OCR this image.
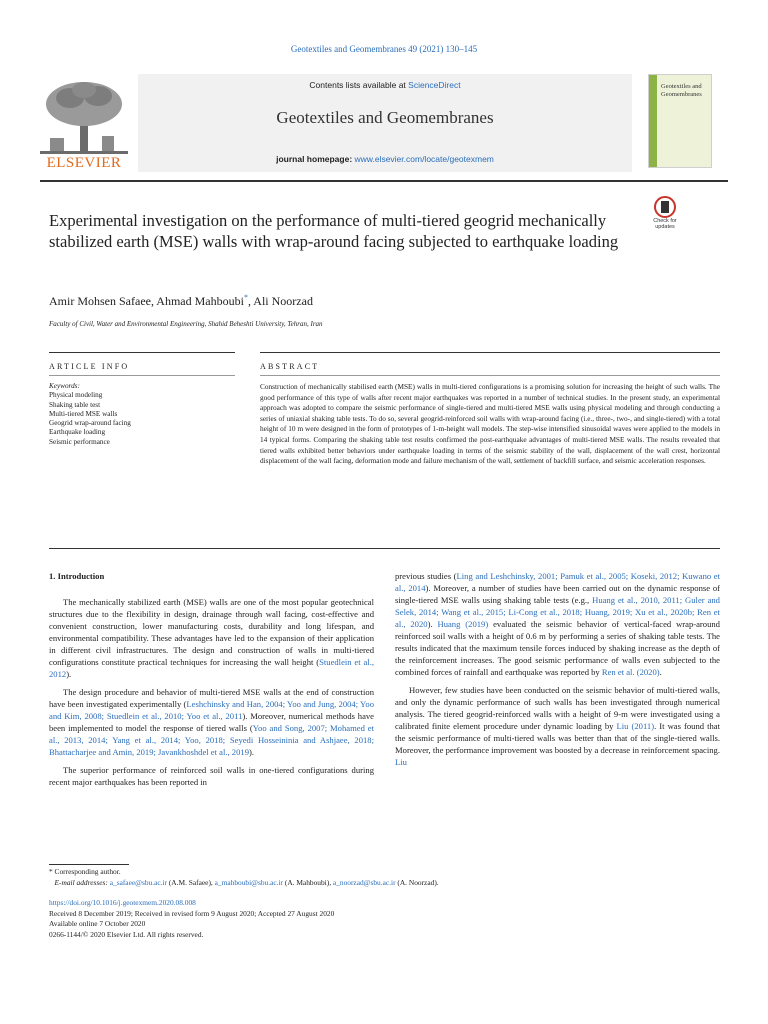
Geotextiles and Geomembranes 49 (2021) 130–145
ELSEVIER
Contents lists available at ScienceDirect
Geotextiles and Geomembranes
journal homepage: www.elsevier.com/locate/geotexmem
Geotextiles and Geomembranes
Experimental investigation on the performance of multi-tiered geogrid mechanically stabilized earth (MSE) walls with wrap-around facing subjected to earthquake loading
Check for updates
Amir Mohsen Safaee, Ahmad Mahboubi*, Ali Noorzad
Faculty of Civil, Water and Environmental Engineering, Shahid Beheshti University, Tehran, Iran
ARTICLE INFO	ABSTRACT
Keywords:
Physical modeling
Shaking table test
Multi-tiered MSE walls
Geogrid wrap-around facing
Earthquake loading
Seismic performance
Construction of mechanically stabilised earth (MSE) walls in multi-tiered configurations is a promising solution for increasing the height of such walls. The good performance of this type of walls after recent major earthquakes was reported in a number of technical studies. In the present study, an experimental approach was adopted to compare the seismic performance of single-tiered and multi-tiered MSE walls using physical modeling and through conducting a series of uniaxial shaking table tests. To do so, several geogrid-reinforced soil walls with wrap-around facing (i.e., three-, two-, and single-tiered) with a total height of 10 m were designed in the form of prototypes of 1-m-height wall models. The step-wise intensified sinusoidal waves were applied to the models in 14 typical forms. Comparing the shaking table test results confirmed the post-earthquake advantages of multi-tiered MSE walls. The results revealed that tiered walls exhibited better behaviors under earthquake loading in terms of the seismic stability of the wall, displacement of the wall crest, horizontal displacement of the wall facing, deformation mode and failure mechanism of the wall, settlement of backfill surface, and seismic acceleration responses.
1. Introduction

The mechanically stabilized earth (MSE) walls are one of the most popular geotechnical structures due to the flexibility in design, drainage through wall facing, cost-effective and convenient construction, lower manufacturing costs, durability and long lifespan, and environmental compatibility. These advantages have led to the expansion of their application in different civil infrastructures. The design and construction of walls in multi-tiered configurations constitute practical techniques for increasing the wall height (Stuedlein et al., 2012).

The design procedure and behavior of multi-tiered MSE walls at the end of construction have been investigated experimentally (Leshchinsky and Han, 2004; Yoo and Jung, 2004; Yoo and Kim, 2008; Stuedlein et al., 2010; Yoo et al., 2011). Moreover, numerical methods have been implemented to model the response of tiered walls (Yoo and Song, 2007; Mohamed et al., 2013, 2014; Yang et al., 2014; Yoo, 2018; Seyedi Hosseininia and Ashjaee, 2018; Bhattacharjee and Amin, 2019; Javankhoshdel et al., 2019).

The superior performance of reinforced soil walls in one-tiered configurations during recent major earthquakes has been reported in

previous studies (Ling and Leshchinsky, 2001; Pamuk et al., 2005; Koseki, 2012; Kuwano et al., 2014). Moreover, a number of studies have been carried out on the dynamic response of single-tiered MSE walls using shaking table tests (e.g., Huang et al., 2010, 2011; Guler and Selek, 2014; Wang et al., 2015; Li-Cong et al., 2018; Huang, 2019; Xu et al., 2020b; Ren et al., 2020). Huang (2019) evaluated the seismic behavior of vertical-faced wrap-around reinforced soil walls with a height of 0.6 m by performing a series of shaking table tests. The results indicated that the maximum tensile forces induced by shaking increase as the depth of the reinforcement increases. The good seismic performance of walls even subjected to the combined forces of rainfall and earthquake was reported by Ren et al. (2020).

However, few studies have been conducted on the seismic behavior of multi-tiered walls, and only the dynamic performance of such walls has been investigated through numerical analysis. The tiered geogrid-reinforced walls with a height of 9-m were investigated using a calibrated finite element procedure under dynamic loading by Liu (2011). It was found that the seismic performance of multi-tiered walls was better than that of the single-tiered walls. Moreover, the performance improvement was boosted by a decrease in reinforcement spacing. Liu

* Corresponding author.
E-mail addresses: a_safaee@sbu.ac.ir (A.M. Safaee), a_mahboubi@sbu.ac.ir (A. Mahboubi), a_noorzad@sbu.ac.ir (A. Noorzad).
https://doi.org/10.1016/j.geotexmem.2020.08.008
Received 8 December 2019; Received in revised form 9 August 2020; Accepted 27 August 2020
Available online 7 October 2020
0266-1144/© 2020 Elsevier Ltd. All rights reserved.
